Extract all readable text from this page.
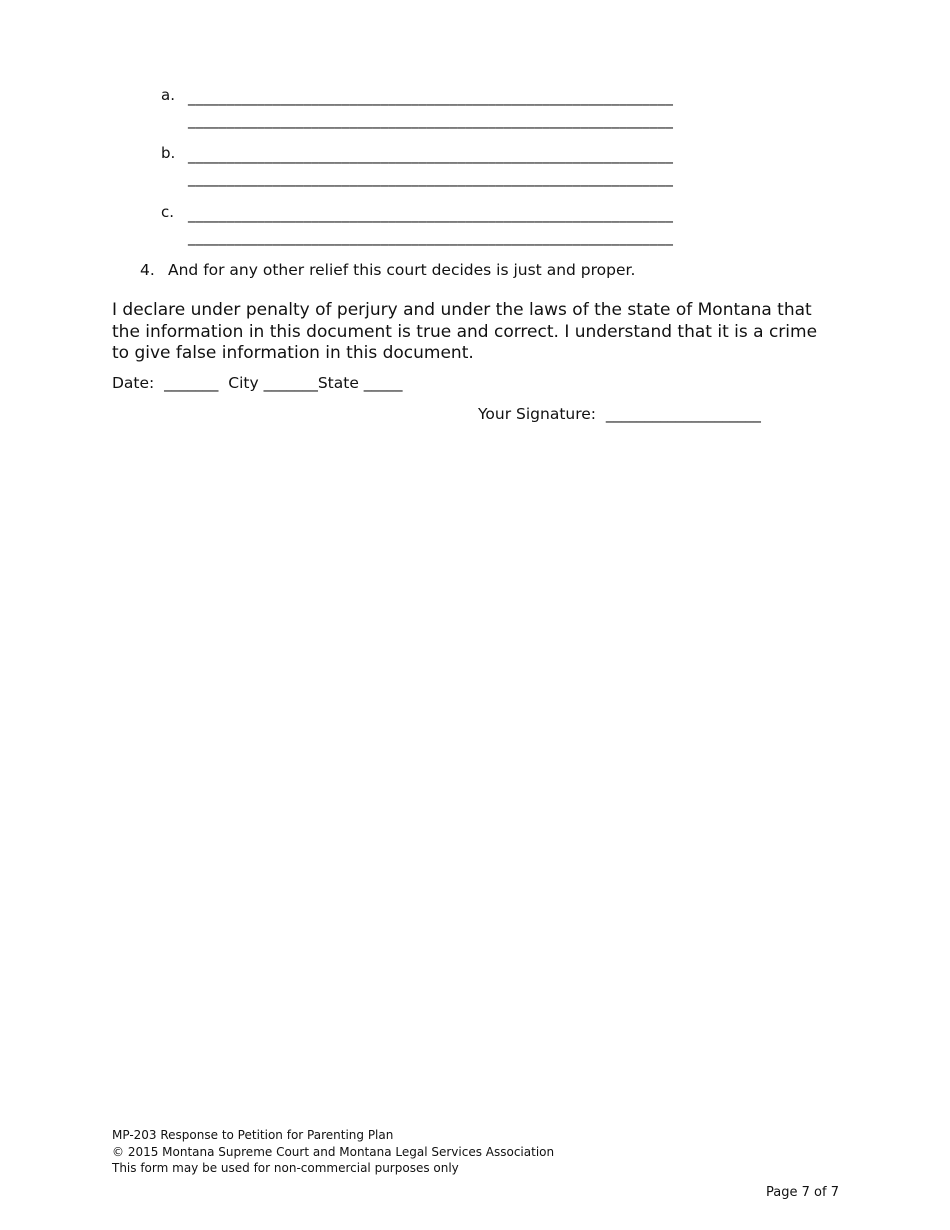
a. _______________________________________________________________
_______________________________________________________________
b. _______________________________________________________________
_______________________________________________________________
c. _______________________________________________________________
_______________________________________________________________
4. And for any other relief this court decides is just and proper.
I declare under penalty of perjury and under the laws of the state of Montana that the information in this document is true and correct. I understand that it is a crime to give false information in this document.
Date: _______ City _______State _____
Your Signature: ____________________
MP-203 Response to Petition for Parenting Plan
© 2015 Montana Supreme Court and Montana Legal Services Association
This form may be used for non-commercial purposes only
Page 7 of 7
